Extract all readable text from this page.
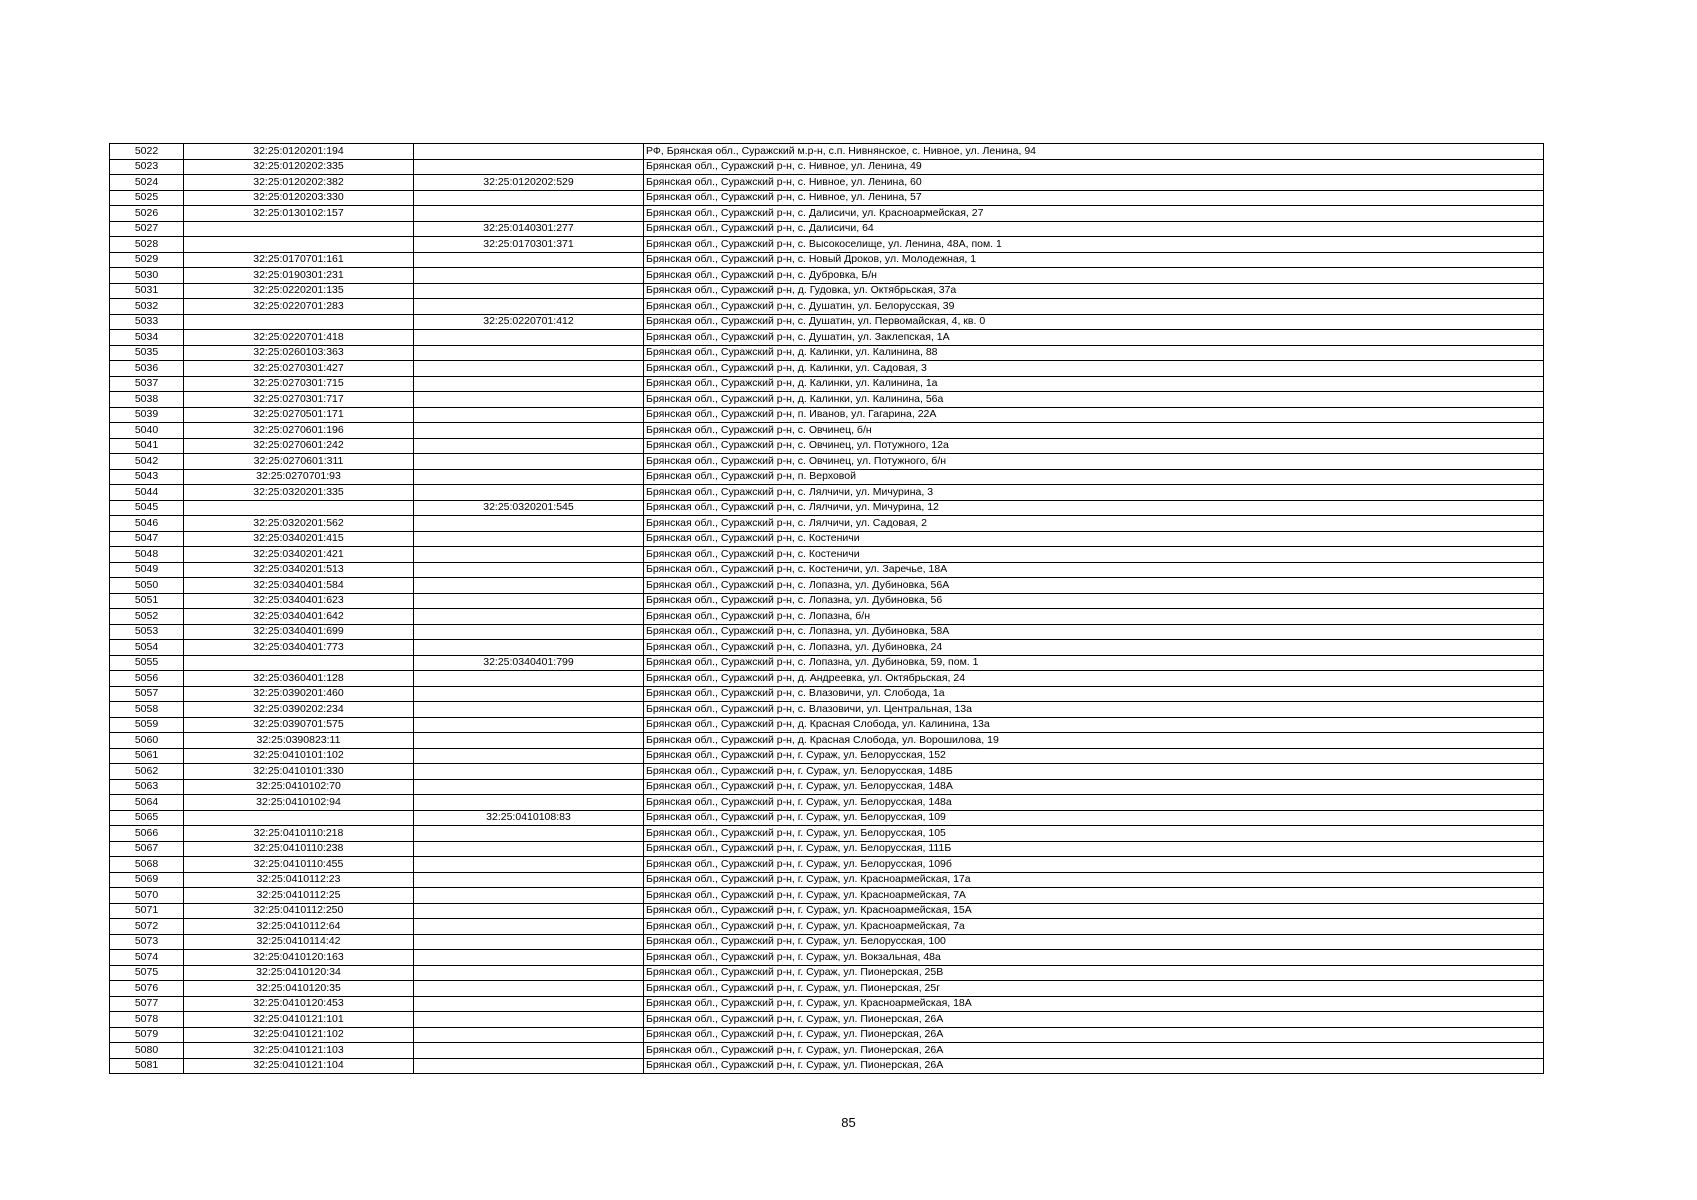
5022	32:25:0120201:194		РФ, Брянская обл., Суражский м.р-н, с.п. Нивнянское, с. Нивное, ул. Ленина, 94
5023	32:25:0120202:335		Брянская обл., Суражский р-н, с. Нивное, ул. Ленина, 49
5024	32:25:0120202:382	32:25:0120202:529	Брянская обл., Суражский р-н, с. Нивное, ул. Ленина, 60
5025	32:25:0120203:330		Брянская обл., Суражский р-н, с. Нивное, ул. Ленина, 57
5026	32:25:0130102:157		Брянская обл., Суражский р-н, с. Далисичи, ул. Красноармейская, 27
5027		32:25:0140301:277	Брянская обл., Суражский р-н, с. Далисичи, 64
5028		32:25:0170301:371	Брянская обл., Суражский р-н, с. Высокоселище, ул. Ленина, 48А, пом. 1
5029	32:25:0170701:161		Брянская обл., Суражский р-н, с. Новый Дроков, ул. Молодежная, 1
5030	32:25:0190301:231		Брянская обл., Суражский р-н, с. Дубровка, Б/н
5031	32:25:0220201:135		Брянская обл., Суражский р-н, д. Гудовка, ул. Октябрьская, 37а
5032	32:25:0220701:283		Брянская обл., Суражский р-н, с. Душатин, ул. Белорусская, 39
5033		32:25:0220701:412	Брянская обл., Суражский р-н, с. Душатин, ул. Первомайская, 4, кв. 0
5034	32:25:0220701:418		Брянская обл., Суражский р-н, с. Душатин, ул. Заклепская, 1А
5035	32:25:0260103:363		Брянская обл., Суражский р-н, д. Калинки, ул. Калинина, 88
5036	32:25:0270301:427		Брянская обл., Суражский р-н, д. Калинки, ул. Садовая, 3
5037	32:25:0270301:715		Брянская обл., Суражский р-н, д. Калинки, ул. Калинина, 1а
5038	32:25:0270301:717		Брянская обл., Суражский р-н, д. Калинки, ул. Калинина, 56а
5039	32:25:0270501:171		Брянская обл., Суражский р-н, п. Иванов, ул. Гагарина, 22А
5040	32:25:0270601:196		Брянская обл., Суражский р-н, с. Овчинец, б/н
5041	32:25:0270601:242		Брянская обл., Суражский р-н, с. Овчинец, ул. Потужного, 12а
5042	32:25:0270601:311		Брянская обл., Суражский р-н, с. Овчинец, ул. Потужного, б/н
5043	32:25:0270701:93		Брянская обл., Суражский р-н, п. Верховой
5044	32:25:0320201:335		Брянская обл., Суражский р-н, с. Лялчичи, ул. Мичурина, 3
5045		32:25:0320201:545	Брянская обл., Суражский р-н, с. Лялчичи, ул. Мичурина, 12
5046	32:25:0320201:562		Брянская обл., Суражский р-н, с. Лялчичи, ул. Садовая, 2
5047	32:25:0340201:415		Брянская обл., Суражский р-н, с. Костеничи
5048	32:25:0340201:421		Брянская обл., Суражский р-н, с. Костеничи
5049	32:25:0340201:513		Брянская обл., Суражский р-н, с. Костеничи, ул. Заречье, 18А
5050	32:25:0340401:584		Брянская обл., Суражский р-н, с. Лопазна, ул. Дубиновка, 56А
5051	32:25:0340401:623		Брянская обл., Суражский р-н, с. Лопазна, ул. Дубиновка, 56
5052	32:25:0340401:642		Брянская обл., Суражский р-н, с. Лопазна, б/н
5053	32:25:0340401:699		Брянская обл., Суражский р-н, с. Лопазна, ул. Дубиновка, 58А
5054	32:25:0340401:773		Брянская обл., Суражский р-н, с. Лопазна, ул. Дубиновка, 24
5055		32:25:0340401:799	Брянская обл., Суражский р-н, с. Лопазна, ул. Дубиновка, 59, пом. 1
5056	32:25:0360401:128		Брянская обл., Суражский р-н, д. Андреевка, ул. Октябрьская, 24
5057	32:25:0390201:460		Брянская обл., Суражский р-н, с. Влазовичи, ул. Слобода, 1а
5058	32:25:0390202:234		Брянская обл., Суражский р-н, с. Влазовичи, ул. Центральная, 13а
5059	32:25:0390701:575		Брянская обл., Суражский р-н, д. Красная Слобода, ул. Калинина, 13а
5060	32:25:0390823:11		Брянская обл., Суражский р-н, д. Красная Слобода, ул. Ворошилова, 19
5061	32:25:0410101:102		Брянская обл., Суражский р-н, г. Сураж, ул. Белорусская, 152
5062	32:25:0410101:330		Брянская обл., Суражский р-н, г. Сураж, ул. Белорусская, 148Б
5063	32:25:0410102:70		Брянская обл., Суражский р-н, г. Сураж, ул. Белорусская, 148А
5064	32:25:0410102:94		Брянская обл., Суражский р-н, г. Сураж, ул. Белорусская, 148а
5065		32:25:0410108:83	Брянская обл., Суражский р-н, г. Сураж, ул. Белорусская, 109
5066	32:25:0410110:218		Брянская обл., Суражский р-н, г. Сураж, ул. Белорусская, 105
5067	32:25:0410110:238		Брянская обл., Суражский р-н, г. Сураж, ул. Белорусская, 111Б
5068	32:25:0410110:455		Брянская обл., Суражский р-н, г. Сураж, ул. Белорусская, 109б
5069	32:25:0410112:23		Брянская обл., Суражский р-н, г. Сураж, ул. Красноармейская, 17а
5070	32:25:0410112:25		Брянская обл., Суражский р-н, г. Сураж, ул. Красноармейская, 7А
5071	32:25:0410112:250		Брянская обл., Суражский р-н, г. Сураж, ул. Красноармейская, 15А
5072	32:25:0410112:64		Брянская обл., Суражский р-н, г. Сураж, ул. Красноармейская, 7а
5073	32:25:0410114:42		Брянская обл., Суражский р-н, г. Сураж, ул. Белорусская, 100
5074	32:25:0410120:163		Брянская обл., Суражский р-н, г. Сураж, ул. Вокзальная, 48а
5075	32:25:0410120:34		Брянская обл., Суражский р-н, г. Сураж, ул. Пионерская, 25В
5076	32:25:0410120:35		Брянская обл., Суражский р-н, г. Сураж, ул. Пионерская, 25г
5077	32:25:0410120:453		Брянская обл., Суражский р-н, г. Сураж, ул. Красноармейская, 18А
5078	32:25:0410121:101		Брянская обл., Суражский р-н, г. Сураж, ул. Пионерская, 26А
5079	32:25:0410121:102		Брянская обл., Суражский р-н, г. Сураж, ул. Пионерская, 26А
5080	32:25:0410121:103		Брянская обл., Суражский р-н, г. Сураж, ул. Пионерская, 26А
5081	32:25:0410121:104		Брянская обл., Суражский р-н, г. Сураж, ул. Пионерская, 26А
85
